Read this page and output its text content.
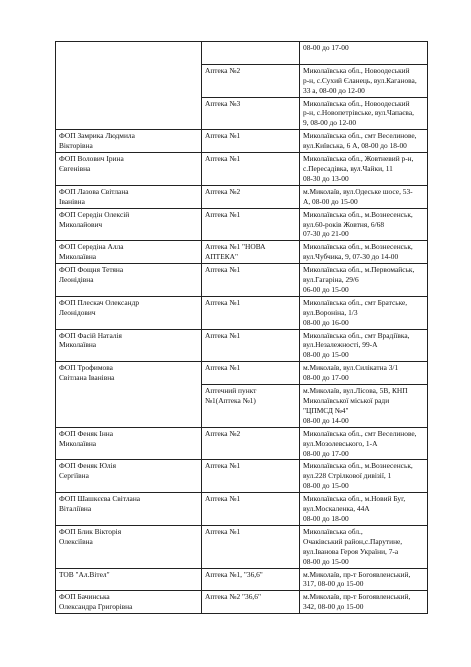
		08-00 до 17-00

	Аптека №2	Миколаївська обл., Новоодеський
р-н, с.Сухий Єланець, вул.Каганова,
33 а, 08-00 до 12-00

	Аптека №3	Миколаївська обл., Новоодеський
р-н, с.Новопетрівське, вул.Чапаєва,
9, 08-00 до 12-00

ФОП Замрика Людмила
Вікторівна	Аптека №1	Миколаївська обл., смт Веселинове,
вул.Київська, 6 А, 08-00 до 18-00

ФОП Волович Ірина
Євгенівна	Аптека №1	Миколаївська обл., Жовтневий р-н,
с.Пересадівка, вул.Чайки, 11
08-30 до 13-00

ФОП Лазова Світлана
Іванівна	Аптека №2	м.Миколаїв, вул.Одеське шосе, 53-
А, 08-00 до 15-00

ФОП Середін Олексій
Миколайович	Аптека №1	Миколаївська обл., м.Вознесенськ,
вул.60-років Жовтня, 6/68
07-30 до 21-00

ФОП Середіна Алла
Миколаївна	Аптека №1 "НОВА
АПТЕКА"	Миколаївська обл., м.Вознесенськ,
вул.Чубчика, 9, 07-30 до 14-00

ФОП Фощня Тетяна
Леонідівна	Аптека №1	Миколаївська обл., м.Первомайськ,
вул.Гагаріна, 29/6
06-00 до 15-00

ФОП Плескач Олександр
Леонідович	Аптека №1	Миколаївська обл., смт Братське,
вул.Вороніна, 1/3
08-00 до 16-00

ФОП Фасій Наталія
Миколаївна	Аптека №1	Миколаївська обл., смт Врадіївка,
вул.Незалежності, 99-А
08-00 до 15-00

ФОП Трофимова
Світлана Іванівна	Аптека №1	м.Миколаїв, вул.Силікатна 3/1
08-00 до 17-00

	Аптечний пункт
№1(Аптека №1)	м.Миколаїв, вул.Лісова, 5В, КНП
Миколаївської міської ради
"ЦПМСД №4"
08-00 до 14-00

ФОП Феняк Інна
Миколаївна	Аптека №2	Миколаївська обл., смт Веселинове,
вул.Мозолевського, 1-А
08-00 до 17-00

ФОП Феняк Юлія
Сергіївна	Аптека №1	Миколаївська обл., м.Вознесенськ,
вул.228 Стрілкової дивізії, 1
08-00 до 15-00

ФОП Шашкєєва Світлана
Віталіївна	Аптека №1	Миколаївська обл., м.Новий Буг,
вул.Москаленка, 44А
08-00 до 18-00

ФОП Блик Вікторія
Олексіївна	Аптека №1	Миколаївська обл.,
Очаківський район,с.Парутине,
вул.Іванова Героя України, 7-а
08-00 до 15-00

ТОВ "Ал.Вітел"	Аптека №1, "36,6"	м.Миколаїв, пр-т Богоявленський,
317, 08-00 до 15-00

ФОП Бачинська
Олександра Григорівна	Аптека №2 "36,6"	м.Миколаїв, пр-т Богоявленський,
342, 08-00 до 15-00
